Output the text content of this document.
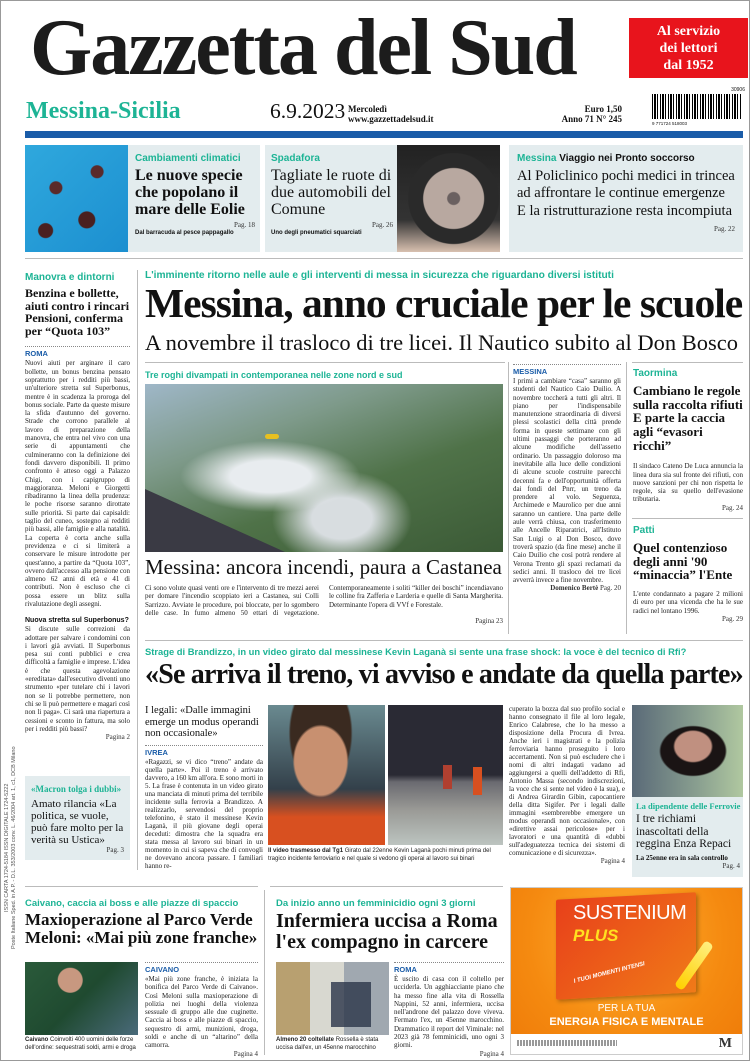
ISSN CARTA 1724-5184 ISSN DIGITALE 1724-5222
Poste Italiane Sped. in A.P. - D.L. 353/2003 conv. L. 46/2004 art. 1, c1, DCB Milano
Gazzetta del Sud	Al servizio
dei lettori
dal 1952
Messina-Sicilia	6.9.2023 Mercoledì
www.gazzettadelsud.it
Euro 1,50
Anno 71 N° 245
30906
9 771724 518003
Cambiamenti climatici
Le nuove specie che popolano il mare delle Eolie
Pag. 18
Dal barracuda al pesce pappagallo
Spadafora
Tagliate le ruote di due automobili del Comune
Pag. 26
Uno degli pneumatici squarciati
Messina Viaggio nei Pronto soccorso
Al Policlinico pochi medici in trincea
ad affrontare le continue emergenze
E la ristrutturazione resta incompiuta
Pag. 22
Manovra e dintorni
Benzina e bollette, aiuti contro i rincari Pensioni, conferma per “Quota 103”
ROMA
Nuovi aiuti per arginare il caro bollette, un bonus benzina pensato soprattutto per i redditi più bassi, un'ulteriore stretta sul Superbonus, mentre è in scadenza la proroga del bonus sociale. Parte da queste misure la sfida d'autunno del governo. Strade che corrono parallele al lavoro di preparazione della manovra, che entra nel vivo con una serie di appuntamenti che culmineranno con la definizione dei fondi davvero disponibili. Il primo confronto è atteso oggi a Palazzo Chigi, con i capigruppo di maggioranza. Meloni e Giorgetti ribadiranno la linea della prudenza: le poche risorse saranno dirottate sulle priorità. Si parte dai capisaldi: taglio del cuneo, sostegno ai redditi più bassi, alle famiglie e alla natalità. La coperta è corta anche sulla previdenza e ci si limiterà a conservare le misure introdotte per quest'anno, a partire da “Quota 103”, ovvero dall'accesso alla pensione con almeno 62 anni di età e 41 di contributi. Non è escluso che ci possa essere un blitz sulla rivalutazione degli assegni.
Nuova stretta sul Superbonus?
Si discute sulle correzioni da adottare per salvare i condomini con i lavori già avviati. Il Superbonus pesa sui conti pubblici e crea difficoltà a famiglie e imprese. L'idea è che questa agevolazione «ereditata» dall'esecutivo diventi uno strumento «per tutelare chi i lavori non se li potrebbe permettere, non chi se li può permettere e magari così non li paga». Ci sarà una riapertura a cessioni e sconto in fattura, ma solo per i redditi più bassi?
Pagina 2
«Macron tolga i dubbi»
Amato rilancia «La politica, se vuole, può fare molto per la verità su Ustica»
Pag. 3
L'imminente ritorno nelle aule e gli interventi di messa in sicurezza che riguardano diversi istituti
Messina, anno cruciale per le scuole
A novembre il trasloco di tre licei. Il Nautico subito al Don Bosco
Tre roghi divampati in contemporanea nelle zone nord e sud
Messina: ancora incendi, paura a Castanea
Ci sono volute quasi venti ore e l'intervento di tre mezzi aerei per domare l'incendio scoppiato ieri a Castanea, sui Colli Sarrizzo. Avviate le procedure, poi bloccate, per lo sgombero delle case. In fumo almeno 50 ettari di vegetazione. Contemporaneamente i soliti “killer dei boschi” incendiavano le colline fra Zafferia e Larderia e quelle di Santa Margherita. Determinante l'opera di VVf e Forestale.
Pagina 23
MESSINA
I primi a cambiare “casa” saranno gli studenti del Nautico Caio Duilio. A novembre toccherà a tutti gli altri. Il piano per l'indispensabile manutenzione straordinaria di diversi plessi scolastici della città prende forma in queste settimane con gli ultimi passaggi che porteranno ad alcune modifiche dell'assetto ordinario. Un passaggio doloroso ma inevitabile alla luce delle condizioni di alcune scuole costruite parecchi decenni fa e dell'opportunità offerta dai fondi del Pnrr, un treno da prendere al volo. Seguenza, Archimede e Maurolico per due anni saranno un cantiere. Una parte delle aule verrà chiusa, con trasferimento alle Ancelle Riparatrici, all'Istituto San Luigi o al Don Bosco, dove troverà spazio (da fine mese) anche il Caio Duilio che così potrà rendere al Verona Trento gli spazi reclamati da sedici anni. Il trasloco dei tre licei avverrà invece a fine novembre.
Domenico Bertè Pag. 20
Taormina
Cambiano le regole sulla raccolta rifiuti E parte la caccia agli “evasori ricchi”
Il sindaco Cateno De Luca annuncia la linea dura sia sul fronte dei rifiuti, con nuove sanzioni per chi non rispetta le regole, sia su quello dell'evasione tributaria.
Pag. 24
Patti
Quel contenzioso degli anni '90 “minaccia” l'Ente
L'ente condannato a pagare 2 milioni di euro per una vicenda che ha le sue radici nel lontano 1996.
Pag. 29
Strage di Brandizzo, in un video girato dal messinese Kevin Laganà si sente una frase shock: la voce è del tecnico di Rfi?
«Se arriva il treno, vi avviso e andate da quella parte»
I legali: «Dalle immagini emerge un modus operandi non occasionale»
IVREA
«Ragazzi, se vi dico “treno” andate da quella parte». Poi il treno è arrivato davvero, a 160 km all'ora. E sono morti in 5. La frase è contenuta in un video girato una manciata di minuti prima del terribile incidente sulla ferrovia a Brandizzo. A realizzarlo, servendosi del proprio telefonino, è stato il messinese Kevin Laganà, il più giovane degli operai deceduti: dimostra che la squadra era stata messa al lavoro sui binari in un momento in cui si sapeva che di convogli ne dovevano ancora passare. I familiari hanno re-
Il video trasmesso dal Tg1 Girato dal 22enne Kevin Laganà pochi minuti prima del tragico incidente ferroviario e nel quale si vedono gli operai al lavoro sui binari
cuperato la bozza dal suo profilo social e hanno consegnato il file al loro legale, Enrico Calabrese, che lo ha messo a disposizione della Procura di Ivrea. Anche ieri i magistrati e la polizia ferroviaria hanno proseguito i loro accertamenti. Non si può escludere che i nomi di altri indagati vadano ad aggiungersi a quelli dell'addetto di Rfi, Antonio Massa (secondo indiscrezioni, la voce che si sente nel video è la sua), e di Andrea Girardin Gibin, capocantiere della ditta Sigifer. Per i legali dalle immagini «sembrerebbe emergere un modus operandi non occasionale», con «direttive assai pericolose» per i lavoratori e una quantità di «dubbi sull'adeguatezza tecnica dei sistemi di comunicazione e di sicurezza».
Pagina 4
La dipendente delle Ferrovie
I tre richiami inascoltati della reggina Enza Repaci
La 25enne era in sala controllo
Pag. 4
Caivano, caccia ai boss e alle piazze di spaccio
Maxioperazione al Parco Verde Meloni: «Mai più zone franche»
Caivano Coinvolti 400 uomini delle forze dell'ordine: sequestrati soldi, armi e droga
CAIVANO
«Mai più zone franche, è iniziata la bonifica del Parco Verde di Caivano». Così Meloni sulla maxioperazione di polizia nei luoghi della violenza sessuale di gruppo alle due cuginette. Caccia ai boss e alle piazze di spaccio, sequestro di armi, munizioni, droga, soldi e anche di un “altarino” della camorra.
Pagina 4
Da inizio anno un femminicidio ogni 3 giorni
Infermiera uccisa a Roma l'ex compagno in carcere
Almeno 20 coltellate Rossella è stata uccisa dall'ex, un 45enne marocchino
ROMA
È uscito di casa con il coltello per ucciderla. Un agghiacciante piano che ha messo fine alla vita di Rossella Nappini, 52 anni, infermiera, uccisa nell'androne del palazzo dove viveva. Fermato l'ex, un 45enne marocchino. Drammatico il report del Viminale: nel 2023 già 78 femminicidi, uno ogni 3 giorni.
Pagina 4
SUSTENIUM
PLUS
I TUOI MOMENTI INTENSI
PER LA TUA
ENERGIA FISICA E MENTALE
M
